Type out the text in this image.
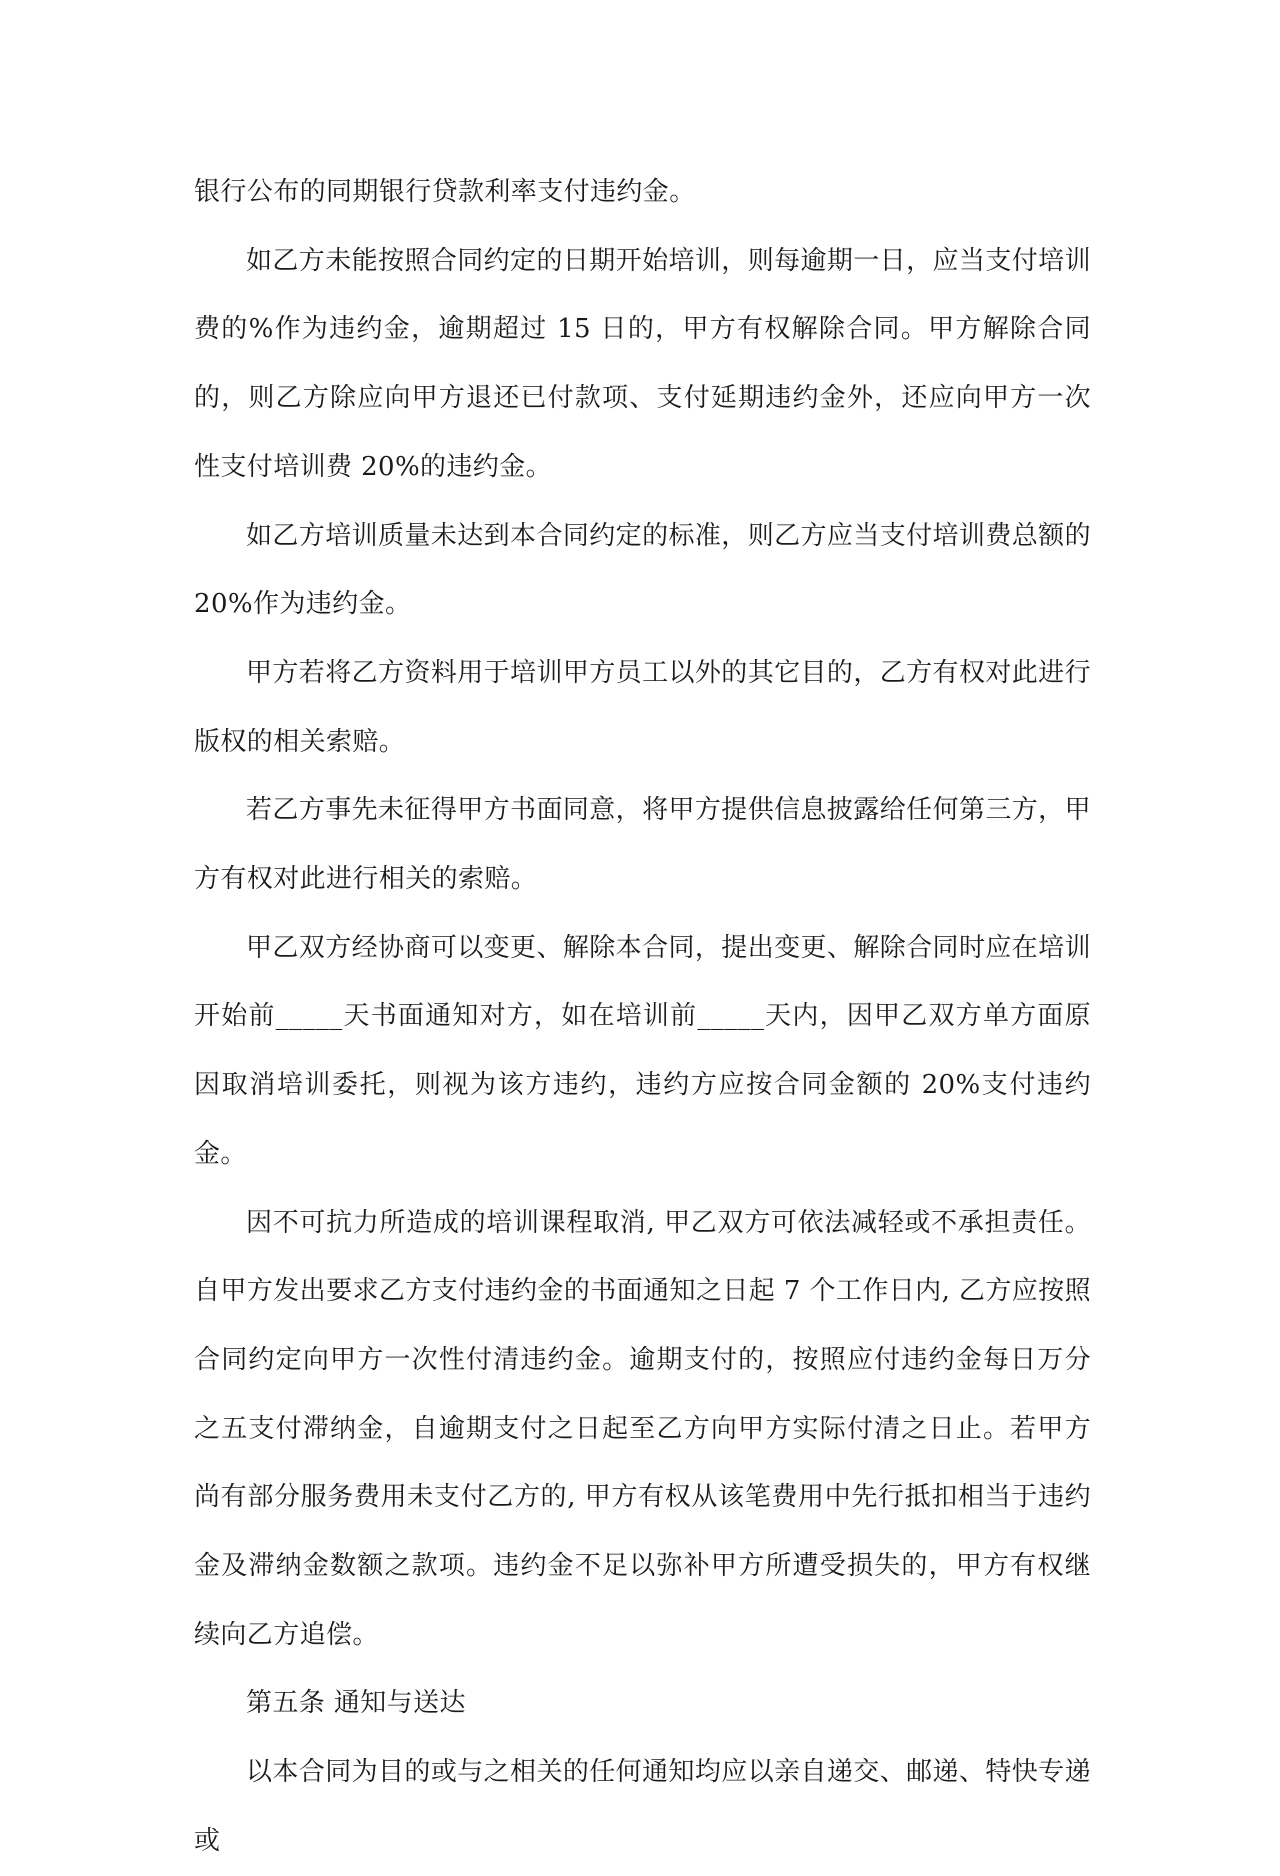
银行公布的同期银行贷款利率支付违约金。

如乙方未能按照合同约定的日期开始培训，则每逾期一日，应当支付培训费的%作为违约金，逾期超过 15 日的，甲方有权解除合同。甲方解除合同的，则乙方除应向甲方退还已付款项、支付延期违约金外，还应向甲方一次性支付培训费 20%的违约金。

如乙方培训质量未达到本合同约定的标准，则乙方应当支付培训费总额的 20%作为违约金。

甲方若将乙方资料用于培训甲方员工以外的其它目的，乙方有权对此进行版权的相关索赔。

若乙方事先未征得甲方书面同意，将甲方提供信息披露给任何第三方，甲方有权对此进行相关的索赔。

甲乙双方经协商可以变更、解除本合同，提出变更、解除合同时应在培训开始前_____天书面通知对方，如在培训前_____天内，因甲乙双方单方面原因取消培训委托，则视为该方违约，违约方应按合同金额的 20%支付违约金。

因不可抗力所造成的培训课程取消, 甲乙双方可依法减轻或不承担责任。自甲方发出要求乙方支付违约金的书面通知之日起 7 个工作日内, 乙方应按照合同约定向甲方一次性付清违约金。逾期支付的，按照应付违约金每日万分之五支付滞纳金，自逾期支付之日起至乙方向甲方实际付清之日止。若甲方尚有部分服务费用未支付乙方的, 甲方有权从该笔费用中先行抵扣相当于违约金及滞纳金数额之款项。违约金不足以弥补甲方所遭受损失的，甲方有权继续向乙方追偿。

第五条 通知与送达

以本合同为目的或与之相关的任何通知均应以亲自递交、邮递、特快专递或
